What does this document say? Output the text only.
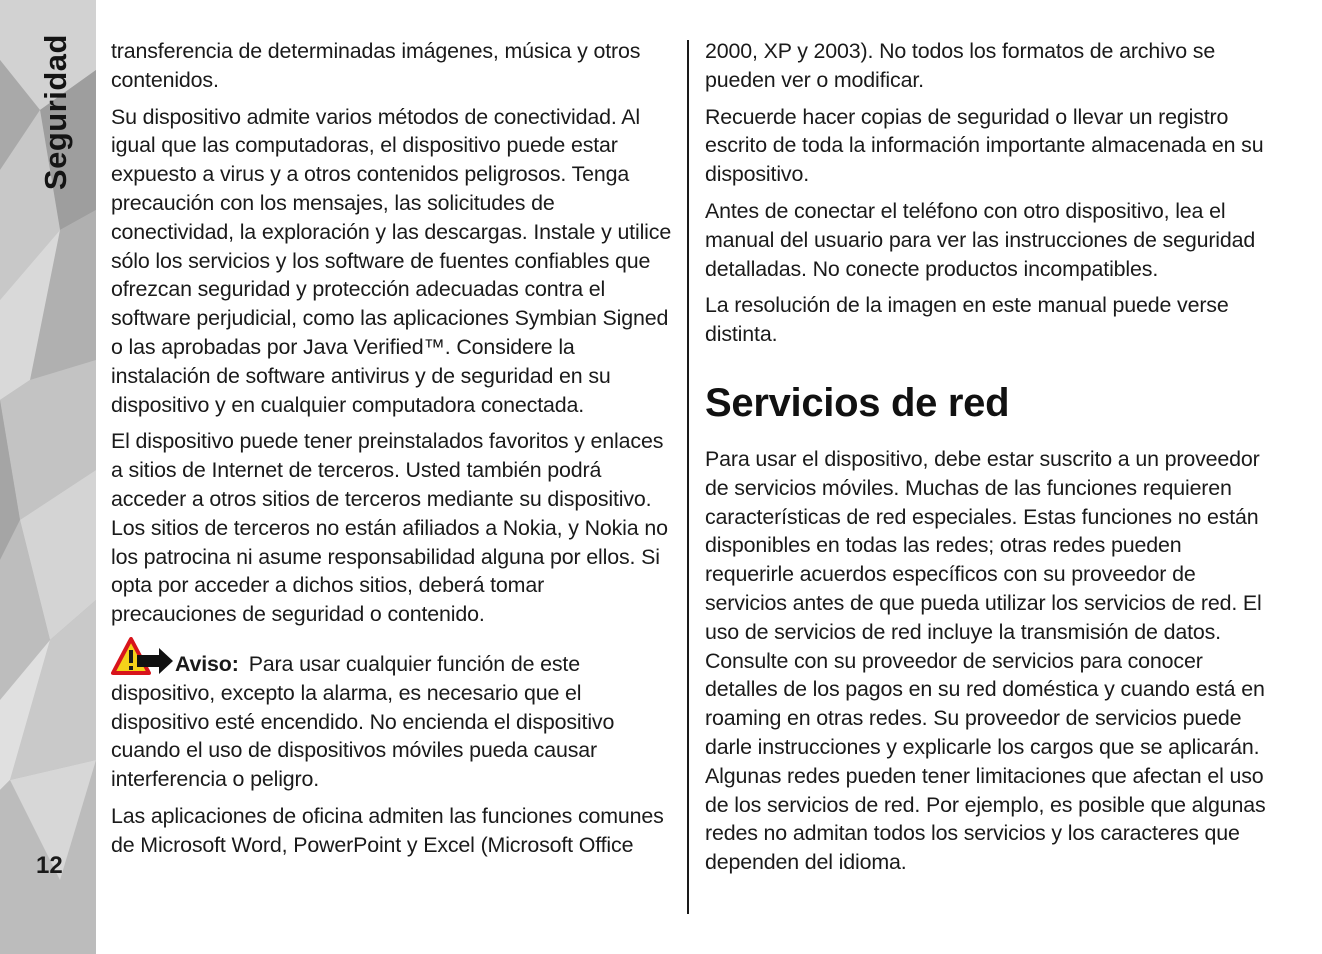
Seguridad
12

transferencia de determinadas imágenes, música y otros contenidos.

Su dispositivo admite varios métodos de conectividad. Al igual que las computadoras, el dispositivo puede estar expuesto a virus y a otros contenidos peligrosos. Tenga precaución con los mensajes, las solicitudes de conectividad, la exploración y las descargas. Instale y utilice sólo los servicios y los software de fuentes confiables que ofrezcan seguridad y protección adecuadas contra el software perjudicial, como las aplicaciones Symbian Signed o las aprobadas por Java Verified™. Considere la instalación de software antivirus y de seguridad en su dispositivo y en cualquier computadora conectada.

El dispositivo puede tener preinstalados favoritos y enlaces a sitios de Internet de terceros. Usted también podrá acceder a otros sitios de terceros mediante su dispositivo. Los sitios de terceros no están afiliados a Nokia, y Nokia no los patrocina ni asume responsabilidad alguna por ellos. Si opta por acceder a dichos sitios, deberá tomar precauciones de seguridad o contenido.

Aviso: Para usar cualquier función de este dispositivo, excepto la alarma, es necesario que el dispositivo esté encendido. No encienda el dispositivo cuando el uso de dispositivos móviles pueda causar interferencia o peligro.

Las aplicaciones de oficina admiten las funciones comunes de Microsoft Word, PowerPoint y Excel (Microsoft Office

2000, XP y 2003). No todos los formatos de archivo se pueden ver o modificar.

Recuerde hacer copias de seguridad o llevar un registro escrito de toda la información importante almacenada en su dispositivo.

Antes de conectar el teléfono con otro dispositivo, lea el manual del usuario para ver las instrucciones de seguridad detalladas. No conecte productos incompatibles.

La resolución de la imagen en este manual puede verse distinta.

Servicios de red

Para usar el dispositivo, debe estar suscrito a un proveedor de servicios móviles. Muchas de las funciones requieren características de red especiales. Estas funciones no están disponibles en todas las redes; otras redes pueden requerirle acuerdos específicos con su proveedor de servicios antes de que pueda utilizar los servicios de red. El uso de servicios de red incluye la transmisión de datos. Consulte con su proveedor de servicios para conocer detalles de los pagos en su red doméstica y cuando está en roaming en otras redes. Su proveedor de servicios puede darle instrucciones y explicarle los cargos que se aplicarán. Algunas redes pueden tener limitaciones que afectan el uso de los servicios de red. Por ejemplo, es posible que algunas redes no admitan todos los servicios y los caracteres que dependen del idioma.
